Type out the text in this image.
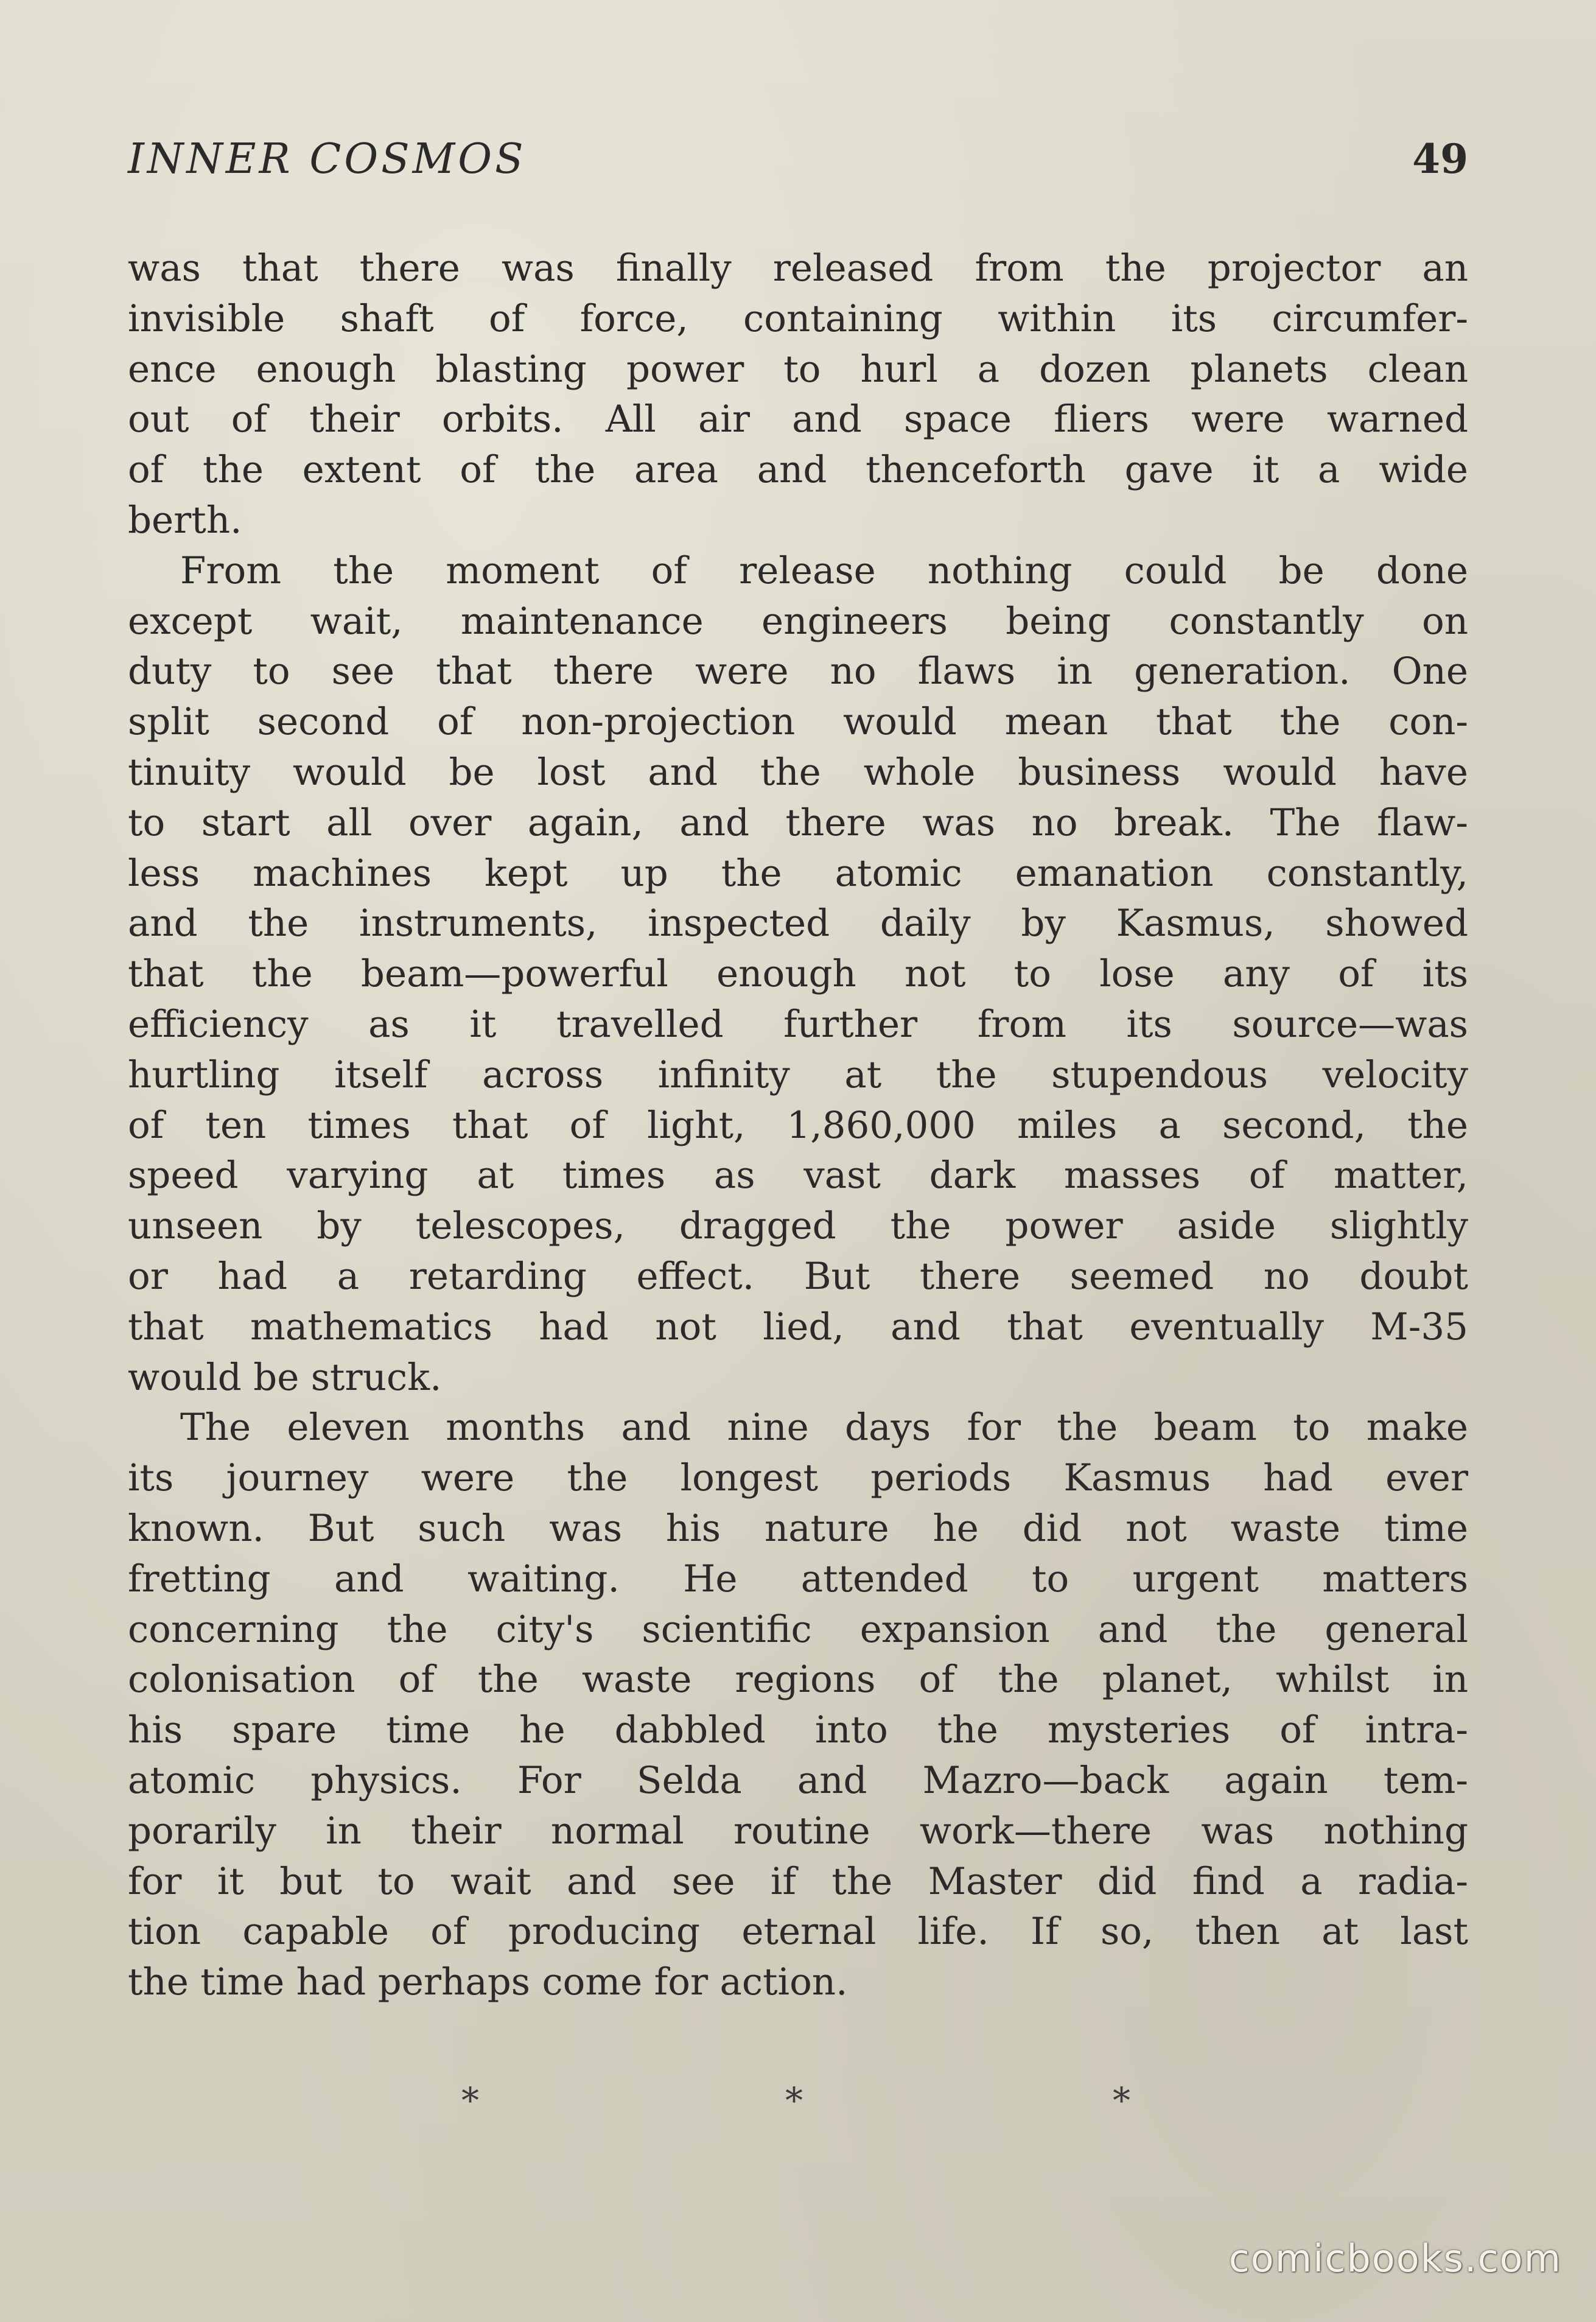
INNER COSMOS	49
was that there was finally released from the projector an
invisible shaft of force, containing within its circumfer-
ence enough blasting power to hurl a dozen planets clean
out of their orbits. All air and space fliers were warned
of the extent of the area and thenceforth gave it a wide
berth.
From the moment of release nothing could be done
except wait, maintenance engineers being constantly on
duty to see that there were no flaws in generation. One
split second of non-projection would mean that the con-
tinuity would be lost and the whole business would have
to start all over again, and there was no break. The flaw-
less machines kept up the atomic emanation constantly,
and the instruments, inspected daily by Kasmus, showed
that the beam—powerful enough not to lose any of its
efficiency as it travelled further from its source—was
hurtling itself across infinity at the stupendous velocity
of ten times that of light, 1,860,000 miles a second, the
speed varying at times as vast dark masses of matter,
unseen by telescopes, dragged the power aside slightly
or had a retarding effect. But there seemed no doubt
that mathematics had not lied, and that eventually M-35
would be struck.
The eleven months and nine days for the beam to make
its journey were the longest periods Kasmus had ever
known. But such was his nature he did not waste time
fretting and waiting. He attended to urgent matters
concerning the city's scientific expansion and the general
colonisation of the waste regions of the planet, whilst in
his spare time he dabbled into the mysteries of intra-
atomic physics. For Selda and Mazro—back again tem-
porarily in their normal routine work—there was nothing
for it but to wait and see if the Master did find a radia-
tion capable of producing eternal life. If so, then at last
the time had perhaps come for action.
*	*	*
comicbooks.com
